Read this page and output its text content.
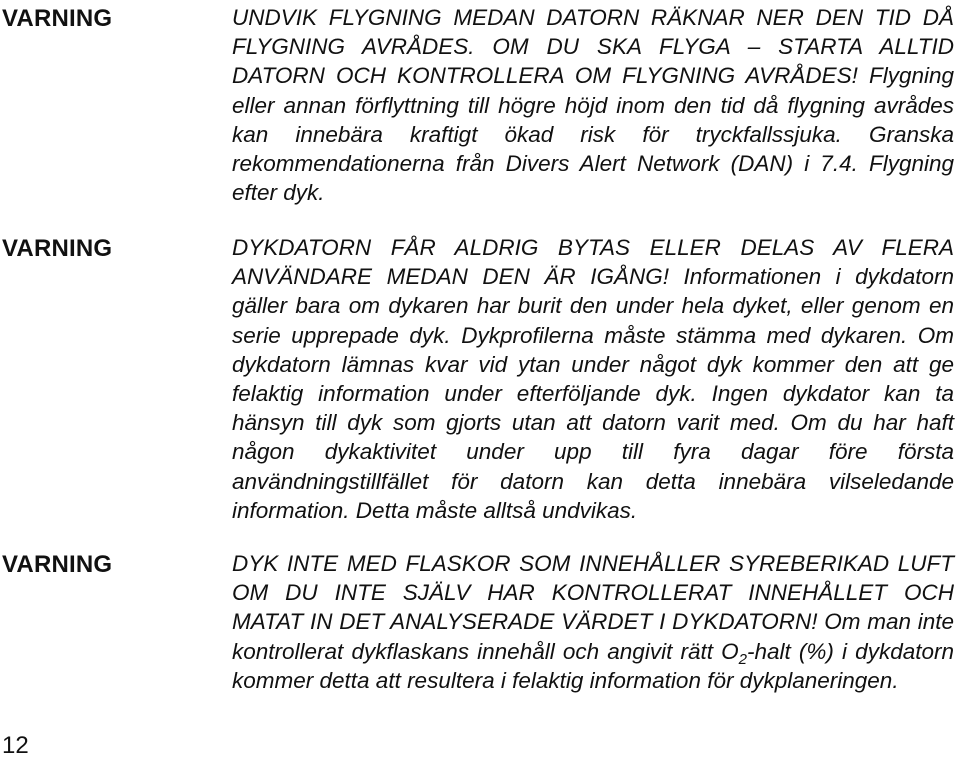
VARNING	UNDVIK FLYGNING MEDAN DATORN RÄKNAR NER DEN TID DÅ FLYGNING AVRÅDES. OM DU SKA FLYGA – STARTA ALLTID DATORN OCH KONTROLLERA OM FLYGNING AVRÅDES! Flygning eller annan förflyttning till högre höjd inom den tid då flygning avrådes kan innebära kraftigt ökad risk för tryckfallssjuka. Granska rekommendationerna från Divers Alert Network (DAN) i 7.4. Flygning efter dyk.

VARNING	DYKDATORN FÅR ALDRIG BYTAS ELLER DELAS AV FLERA ANVÄNDARE MEDAN DEN ÄR IGÅNG! Informationen i dykdatorn gäller bara om dykaren har burit den under hela dyket, eller genom en serie upprepade dyk. Dykprofilerna måste stämma med dykaren. Om dykdatorn lämnas kvar vid ytan under något dyk kommer den att ge felaktig information under efterföljande dyk. Ingen dykdator kan ta hänsyn till dyk som gjorts utan att datorn varit med. Om du har haft någon dykaktivitet under upp till fyra dagar före första användningstillfället för datorn kan detta innebära vilseledande information. Detta måste alltså undvikas.

VARNING	DYK INTE MED FLASKOR SOM INNEHÅLLER SYREBERIKAD LUFT OM DU INTE SJÄLV HAR KONTROLLERAT INNEHÅLLET OCH MATAT IN DET ANALYSERADE VÄRDET I DYKDATORN! Om man inte kontrollerat dykflaskans innehåll och angivit rätt $O_2$-halt (%) i dykdatorn kommer detta att resultera i felaktig information för dykplaneringen.

12
